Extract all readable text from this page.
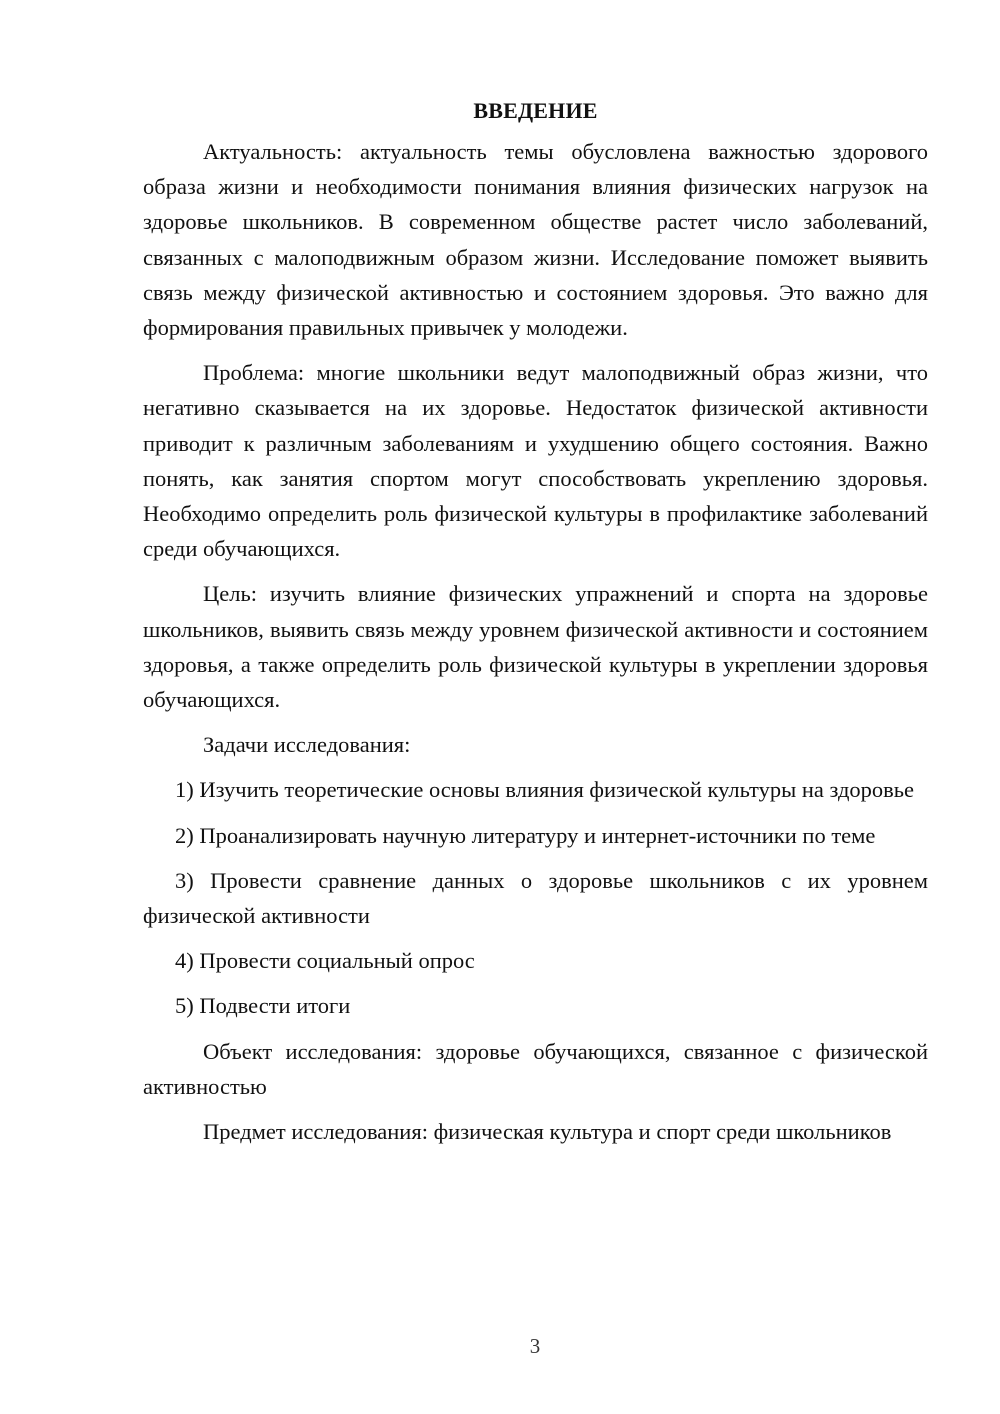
ВВЕДЕНИЕ

Актуальность: актуальность темы обусловлена важностью здорового образа жизни и необходимости понимания влияния физических нагрузок на здоровье школьников. В современном обществе растет число заболеваний, связанных с малоподвижным образом жизни. Исследование поможет выявить связь между физической активностью и состоянием здоровья. Это важно для формирования правильных привычек у молодежи.

Проблема: многие школьники ведут малоподвижный образ жизни, что негативно сказывается на их здоровье. Недостаток физической активности приводит к различным заболеваниям и ухудшению общего состояния. Важно понять, как занятия спортом могут способствовать укреплению здоровья. Необходимо определить роль физической культуры в профилактике заболеваний среди обучающихся.

Цель: изучить влияние физических упражнений и спорта на здоровье школьников, выявить связь между уровнем физической активности и состоянием здоровья, а также определить роль физической культуры в укреплении здоровья обучающихся.

Задачи исследования:

1) Изучить теоретические основы влияния физической культуры на здоровье
2) Проанализировать научную литературу и интернет-источники по теме
3) Провести сравнение данных о здоровье школьников с их уровнем физической активности
4) Провести социальный опрос
5) Подвести итоги

Объект исследования: здоровье обучающихся, связанное с физической активностью

Предмет исследования: физическая культура и спорт среди школьников

3
